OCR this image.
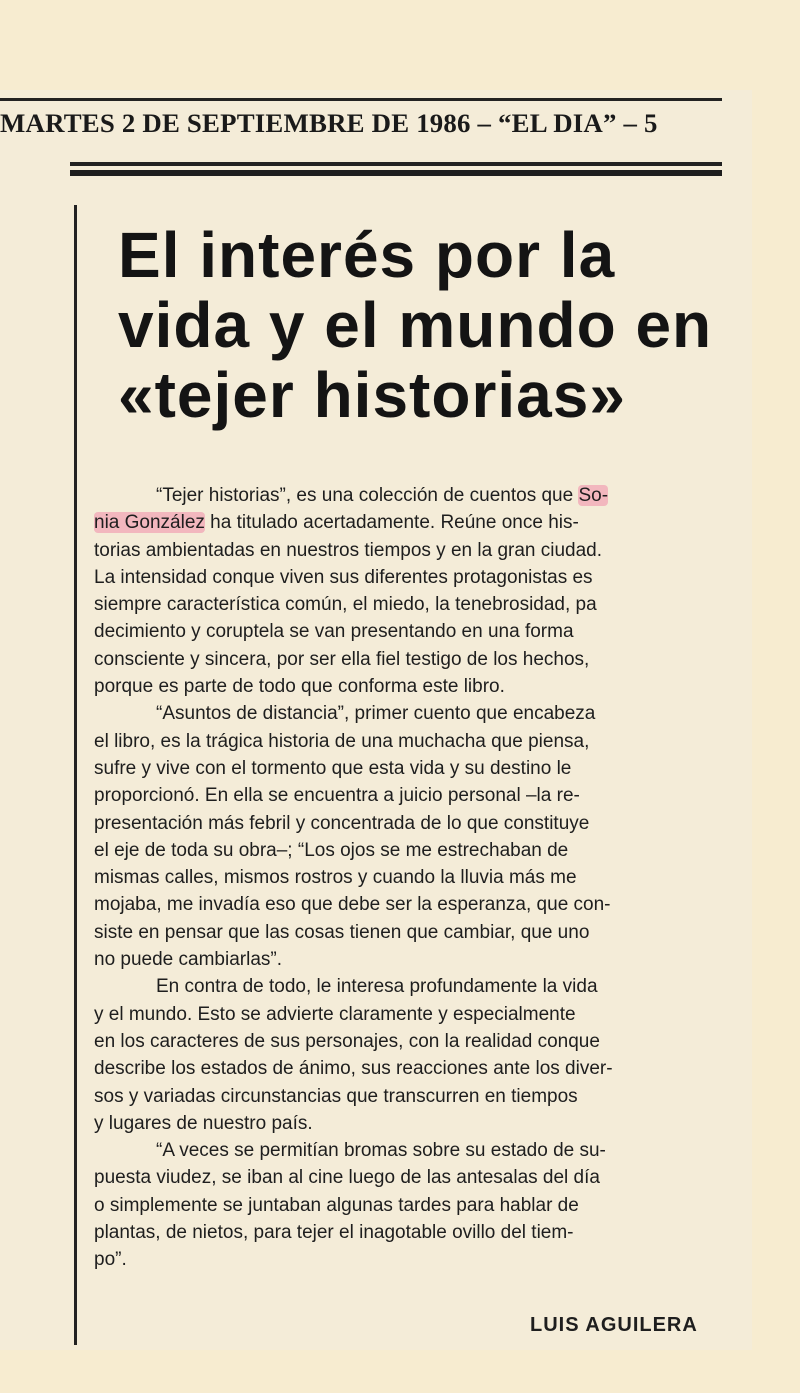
MARTES 2 DE SEPTIEMBRE DE 1986 – “EL DIA” – 5
El interés por la
vida y el mundo en
«tejer historias»
“Tejer historias”, es una colección de cuentos que So-
nia González ha titulado acertadamente. Reúne once his-
torias ambientadas en nuestros tiempos y en la gran ciudad.
La intensidad conque viven sus diferentes protagonistas es
siempre característica común, el miedo, la tenebrosidad, pa
decimiento y coruptela se van presentando en una forma
consciente y sincera, por ser ella fiel testigo de los hechos,
porque es parte de todo que conforma este libro.
“Asuntos de distancia”, primer cuento que encabeza
el libro, es la trágica historia de una muchacha que piensa,
sufre y vive con el tormento que esta vida y su destino le
proporcionó. En ella se encuentra a juicio personal –la re-
presentación más febril y concentrada de lo que constituye
el eje de toda su obra–; “Los ojos se me estrechaban de
mismas calles, mismos rostros y cuando la lluvia más me
mojaba, me invadía eso que debe ser la esperanza, que con-
siste en pensar que las cosas tienen que cambiar, que uno
no puede cambiarlas”.
En contra de todo, le interesa profundamente la vida
y el mundo. Esto se advierte claramente y especialmente
en los caracteres de sus personajes, con la realidad conque
describe los estados de ánimo, sus reacciones ante los diver-
sos y variadas circunstancias que transcurren en tiempos
y lugares de nuestro país.
“A veces se permitían bromas sobre su estado de su-
puesta viudez, se iban al cine luego de las antesalas del día
o simplemente se juntaban algunas tardes para hablar de
plantas, de nietos, para tejer el inagotable ovillo del tiem-
po”.
LUIS AGUILERA
